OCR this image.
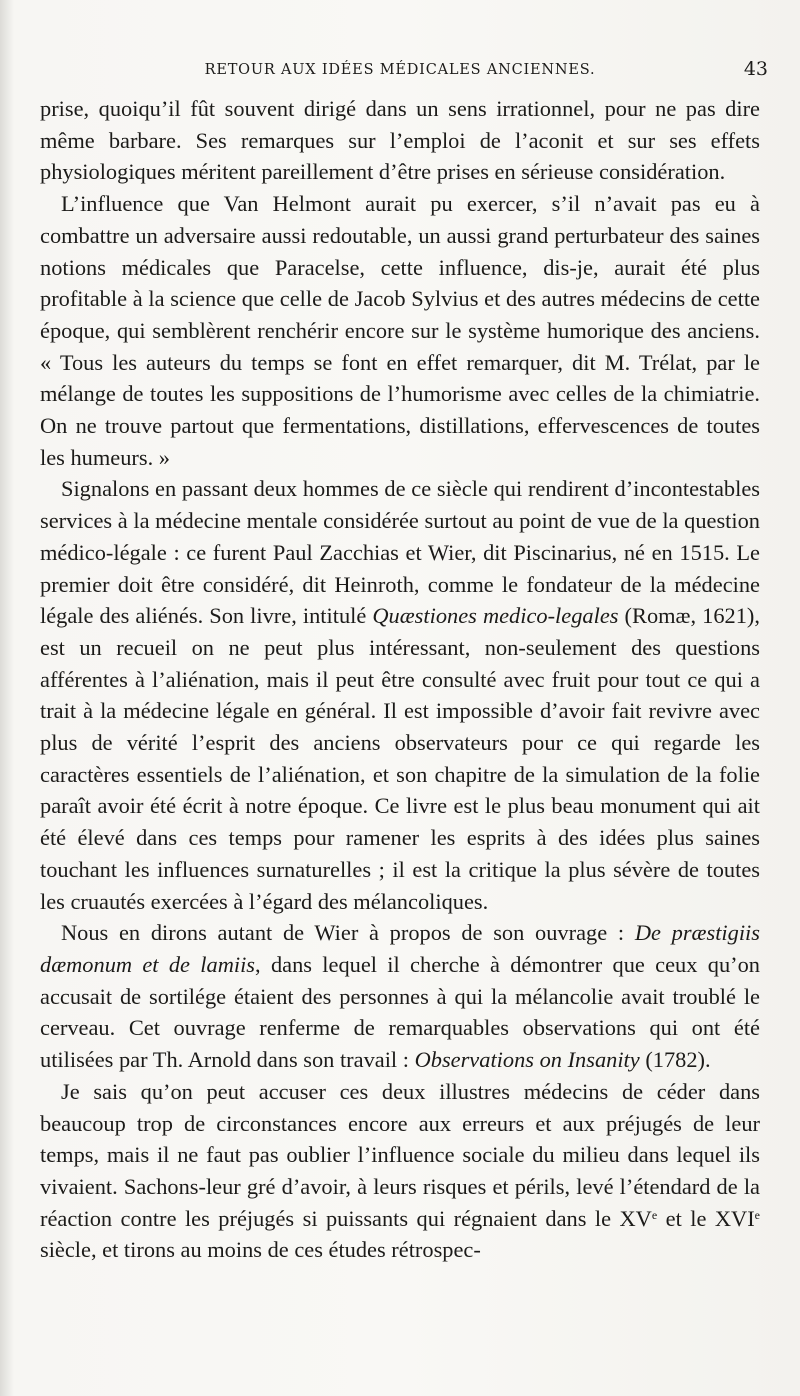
RETOUR AUX IDÉES MÉDICALES ANCIENNES.	43

prise, quoiqu’il fût souvent dirigé dans un sens irrationnel, pour ne pas dire même barbare. Ses remarques sur l’emploi de l’aconit et sur ses effets physiologiques méritent pareillement d’être prises en sérieuse considération.

L’influence que Van Helmont aurait pu exercer, s’il n’avait pas eu à combattre un adversaire aussi redoutable, un aussi grand perturbateur des saines notions médicales que Paracelse, cette influence, dis-je, aurait été plus profitable à la science que celle de Jacob Sylvius et des autres médecins de cette époque, qui semblèrent renchérir encore sur le système humorique des anciens. « Tous les auteurs du temps se font en effet remarquer, dit M. Trélat, par le mélange de toutes les suppositions de l’humorisme avec celles de la chimiatrie. On ne trouve partout que fermentations, distillations, effervescences de toutes les humeurs. »

Signalons en passant deux hommes de ce siècle qui rendirent d’incontestables services à la médecine mentale considérée surtout au point de vue de la question médico-légale : ce furent Paul Zacchias et Wier, dit Piscinarius, né en 1515. Le premier doit être considéré, dit Heinroth, comme le fondateur de la médecine légale des aliénés. Son livre, intitulé Quæstiones medico-legales (Romæ, 1621), est un recueil on ne peut plus intéressant, non-seulement des questions afférentes à l’aliénation, mais il peut être consulté avec fruit pour tout ce qui a trait à la médecine légale en général. Il est impossible d’avoir fait revivre avec plus de vérité l’esprit des anciens observateurs pour ce qui regarde les caractères essentiels de l’aliénation, et son chapitre de la simulation de la folie paraît avoir été écrit à notre époque. Ce livre est le plus beau monument qui ait été élevé dans ces temps pour ramener les esprits à des idées plus saines touchant les influences surnaturelles ; il est la critique la plus sévère de toutes les cruautés exercées à l’égard des mélancoliques.

Nous en dirons autant de Wier à propos de son ouvrage : De præstigiis dæmonum et de lamiis, dans lequel il cherche à démontrer que ceux qu’on accusait de sortilége étaient des personnes à qui la mélancolie avait troublé le cerveau. Cet ouvrage renferme de remarquables observations qui ont été utilisées par Th. Arnold dans son travail : Observations on Insanity (1782).

Je sais qu’on peut accuser ces deux illustres médecins de céder dans beaucoup trop de circonstances encore aux erreurs et aux préjugés de leur temps, mais il ne faut pas oublier l’influence sociale du milieu dans lequel ils vivaient. Sachons-leur gré d’avoir, à leurs risques et périls, levé l’étendard de la réaction contre les préjugés si puissants qui régnaient dans le XVe et le XVIe siècle, et tirons au moins de ces études rétrospec-
